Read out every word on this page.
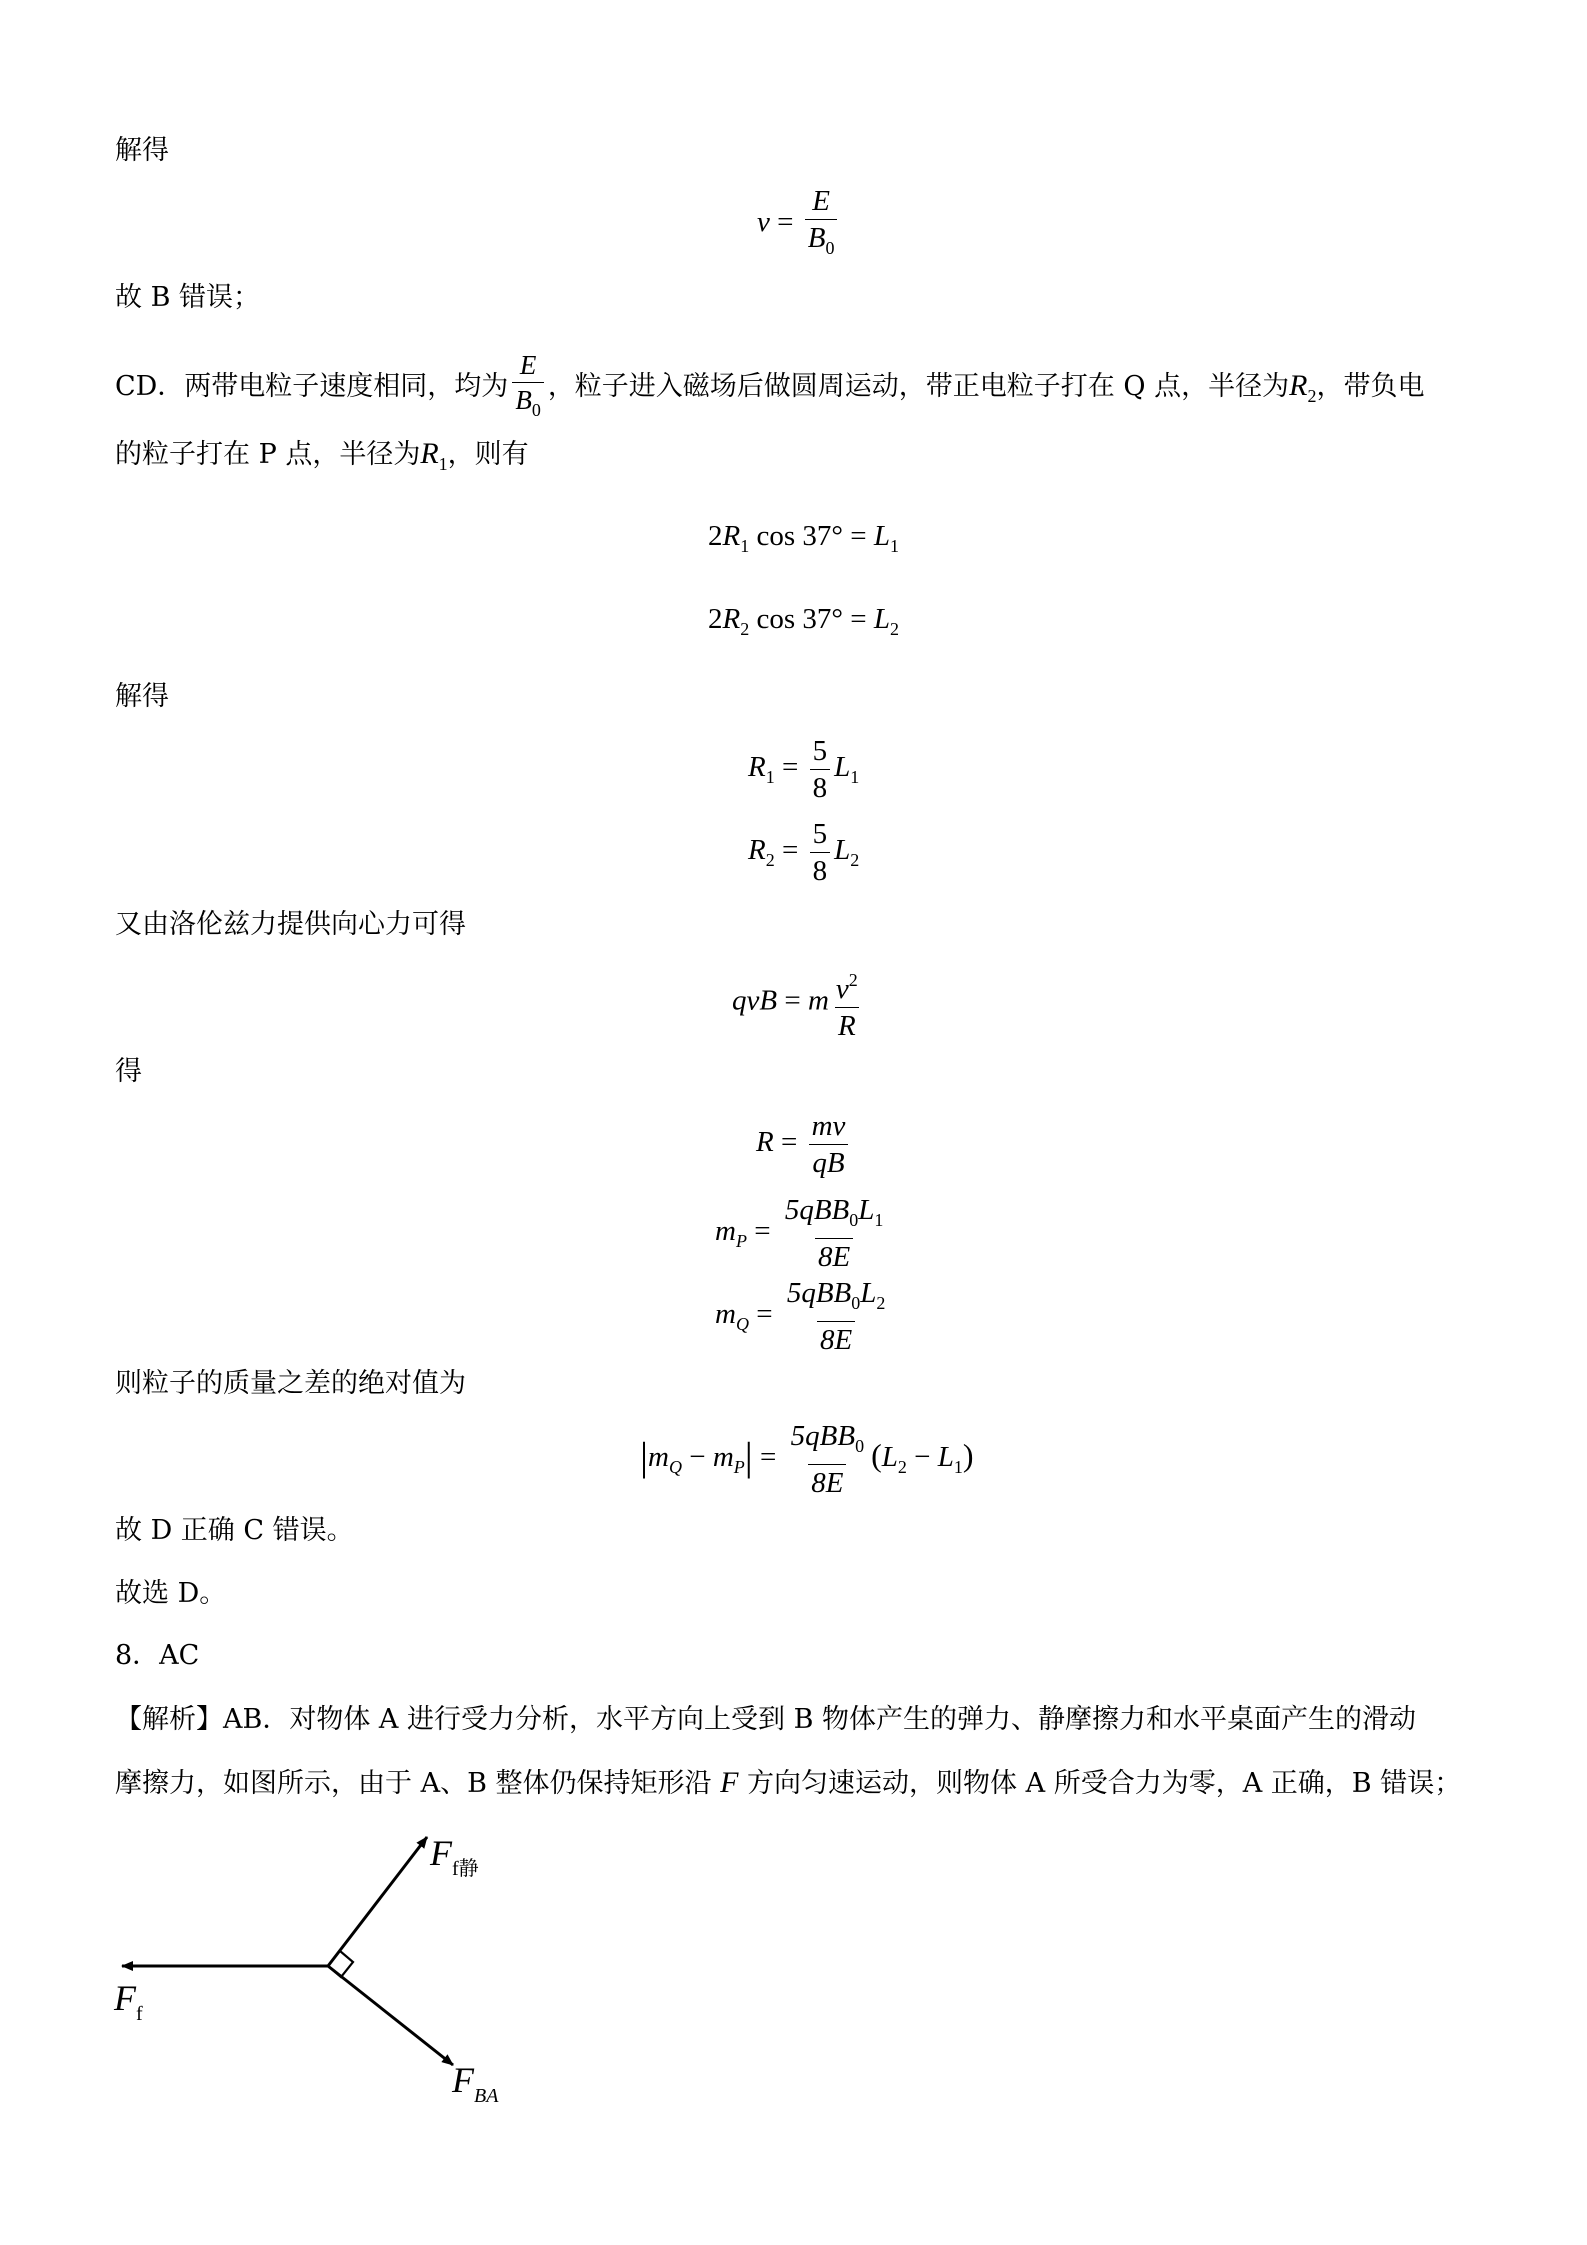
解得
$v = \frac{E}{B_0}$
故 B 错误；
CD．两带电粒子速度相同，均为 $\frac{E}{B_0}$ ，粒子进入磁场后做圆周运动，带正电粒子打在 Q 点，半径为$R_2$，带负电
的粒子打在 P 点，半径为$R_1$，则有
$2R_1$ $\cos 37^\circ = L_1$
$2R_2$ $\cos 37^\circ = L_2$
解得
$R_1 = \frac{5}{8} L_1$
$R_2 = \frac{5}{8} L_2$
又由洛伦兹力提供向心力可得
qvB = m $\frac{v^2}{R}$
得
$R = \frac{mv}{qB}$
$m_P = \frac{5qBB_0L_1}{8E}$
$m_Q = \frac{5qBB_0L_2}{8E}$
则粒子的质量之差的绝对值为
$|m_Q - m_P| = \frac{5qBB_0}{8E} (L_2 - L_1)$
故 D 正确 C 错误。
故选 D。
8．AC
【解析】AB．对物体 A 进行受力分析，水平方向上受到 B 物体产生的弹力、静摩擦力和水平桌面产生的滑动
摩擦力，如图所示，由于 A、B 整体仍保持矩形沿 F 方向匀速运动，则物体 A 所受合力为零，A 正确，B 错误；
$F_{f静}$
$F_f$
$F_{BA}$
